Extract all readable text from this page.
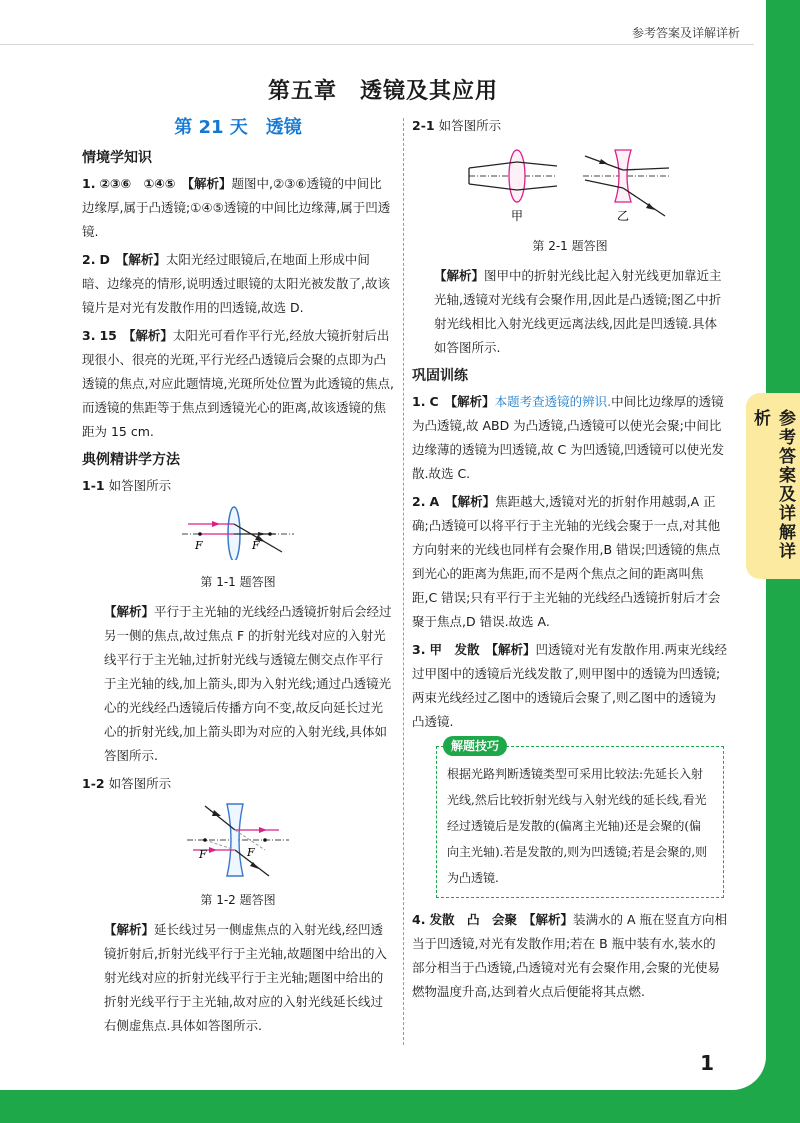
参考答案及详解详析
第五章　透镜及其应用
参考答案及详解详析
第 21 天　透镜
情境学知识
1. ②③⑥　①④⑤ 【解析】题图中,②③⑥透镜的中间比边缘厚,属于凸透镜;①④⑤透镜的中间比边缘薄,属于凹透镜.
2. D 【解析】太阳光经过眼镜后,在地面上形成中间暗、边缘亮的情形,说明透过眼镜的太阳光被发散了,故该镜片是对光有发散作用的凹透镜,故选 D.
3. 15 【解析】太阳光可看作平行光,经放大镜折射后出现很小、很亮的光斑,平行光经凸透镜后会聚的点即为凸透镜的焦点,对应此题情境,光斑所处位置为此透镜的焦点,而透镜的焦距等于焦点到透镜光心的距离,故该透镜的焦距为 15 cm.
典例精讲学方法
1-1 如答图所示
F	F
第 1-1 题答图
【解析】平行于主光轴的光线经凸透镜折射后会经过另一侧的焦点,故过焦点 F 的折射光线对应的入射光线平行于主光轴,过折射光线与透镜左侧交点作平行于主光轴的线,加上箭头,即为入射光线;通过凸透镜光心的光线经凸透镜后传播方向不变,故反向延长过光心的折射光线,加上箭头即为对应的入射光线,具体如答图所示.
1-2 如答图所示
F	F
第 1-2 题答图
【解析】延长线过另一侧虚焦点的入射光线,经凹透镜折射后,折射光线平行于主光轴,故题图中给出的入射光线对应的折射光线平行于主光轴;题图中给出的折射光线平行于主光轴,故对应的入射光线延长线过右侧虚焦点.具体如答图所示.
2-1 如答图所示
甲	乙
第 2-1 题答图
【解析】图甲中的折射光线比起入射光线更加靠近主光轴,透镜对光线有会聚作用,因此是凸透镜;图乙中折射光线相比入射光线更远离法线,因此是凹透镜.具体如答图所示.
巩固训练
1. C 【解析】本题考查透镜的辨识.中间比边缘厚的透镜为凸透镜,故 ABD 为凸透镜,凸透镜可以使光会聚;中间比边缘薄的透镜为凹透镜,故 C 为凹透镜,凹透镜可以使光发散.故选 C.
2. A 【解析】焦距越大,透镜对光的折射作用越弱,A 正确;凸透镜可以将平行于主光轴的光线会聚于一点,对其他方向射来的光线也同样有会聚作用,B 错误;凹透镜的焦点到光心的距离为焦距,而不是两个焦点之间的距离叫焦距,C 错误;只有平行于主光轴的光线经凸透镜折射后才会聚于焦点,D 错误.故选 A.
3. 甲　发散 【解析】凹透镜对光有发散作用.两束光线经过甲图中的透镜后光线发散了,则甲图中的透镜为凹透镜;两束光线经过乙图中的透镜后会聚了,则乙图中的透镜为凸透镜.
解题技巧
根据光路判断透镜类型可采用比较法:先延长入射光线,然后比较折射光线与入射光线的延长线,看光经过透镜后是发散的(偏离主光轴)还是会聚的(偏向主光轴).若是发散的,则为凹透镜;若是会聚的,则为凸透镜.
4. 发散　凸　会聚 【解析】装满水的 A 瓶在竖直方向相当于凹透镜,对光有发散作用;若在 B 瓶中装有水,装水的部分相当于凸透镜,凸透镜对光有会聚作用,会聚的光使易燃物温度升高,达到着火点后便能将其点燃.
1
